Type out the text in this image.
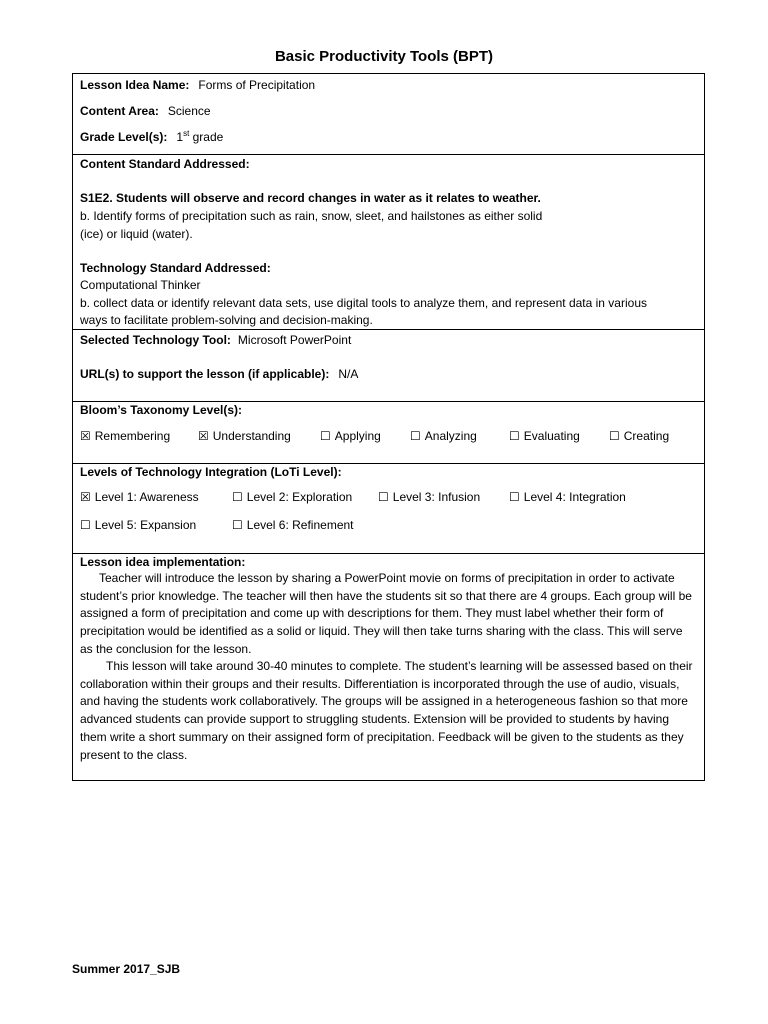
Basic Productivity Tools (BPT)
Lesson Idea Name: Forms of Precipitation
Content Area: Science
Grade Level(s): 1st grade
Content Standard Addressed:
S1E2. Students will observe and record changes in water as it relates to weather.
b. Identify forms of precipitation such as rain, snow, sleet, and hailstones as either solid
(ice) or liquid (water).
Technology Standard Addressed:
Computational Thinker
b. collect data or identify relevant data sets, use digital tools to analyze them, and represent data in various
ways to facilitate problem-solving and decision-making.
Selected Technology Tool: Microsoft PowerPoint
URL(s) to support the lesson (if applicable): N/A
Bloom’s Taxonomy Level(s):
☒ Remembering ☒ Understanding ☐ Applying ☐ Analyzing	☐ Evaluating ☐ Creating
Levels of Technology Integration (LoTi Level):
☒ Level 1: Awareness	☐ Level 2: Exploration ☐ Level 3: Infusion ☐ Level 4: Integration
☐ Level 5: Expansion	☐ Level 6: Refinement
Lesson idea implementation:
Teacher will introduce the lesson by sharing a PowerPoint movie on forms of precipitation in order to activate student’s prior knowledge. The teacher will then have the students sit so that there are 4 groups. Each group will be assigned a form of precipitation and come up with descriptions for them. They must label whether their form of precipitation would be identified as a solid or liquid. They will then take turns sharing with the class. This will serve as the conclusion for the lesson.
This lesson will take around 30-40 minutes to complete. The student’s learning will be assessed based on their collaboration within their groups and their results. Differentiation is incorporated through the use of audio, visuals, and having the students work collaboratively. The groups will be assigned in a heterogeneous fashion so that more advanced students can provide support to struggling students. Extension will be provided to students by having them write a short summary on their assigned form of precipitation. Feedback will be given to the students as they present to the class.
Summer 2017_SJB
